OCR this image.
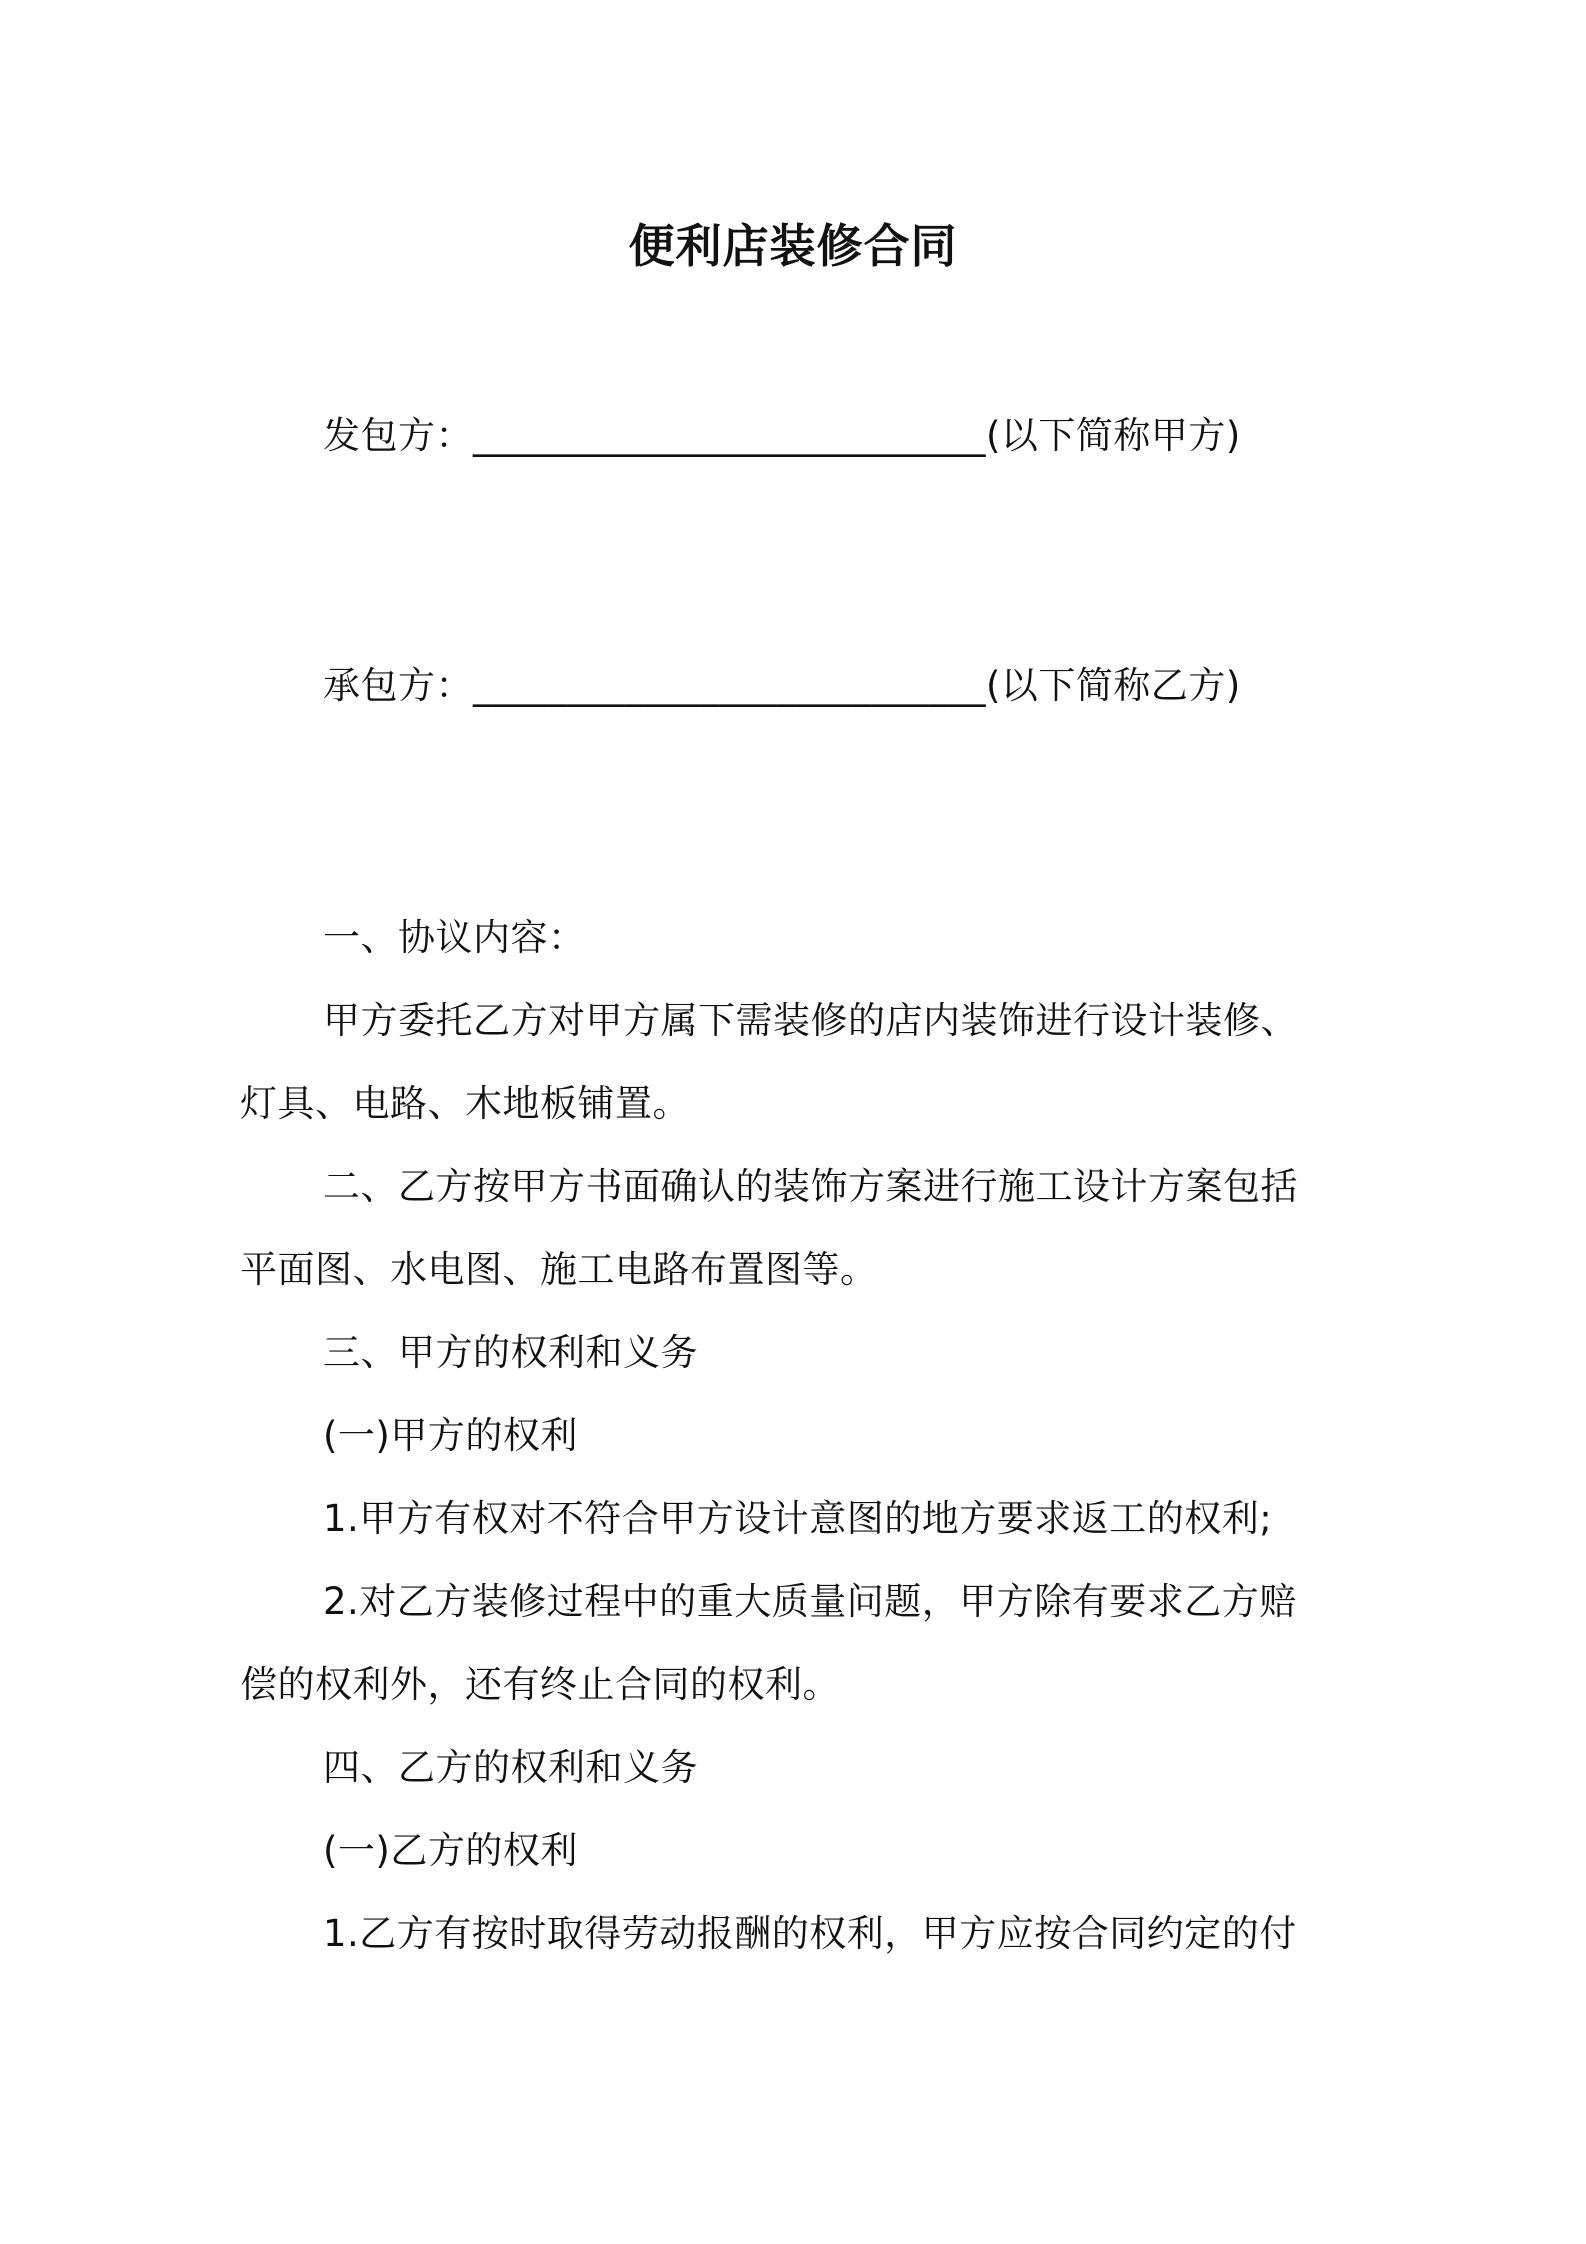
便利店装修合同
发包方：___________________________(以下简称甲方)
承包方：___________________________(以下简称乙方)
一、协议内容：
甲方委托乙方对甲方属下需装修的店内装饰进行设计装修、
灯具、电路、木地板铺置。
二、乙方按甲方书面确认的装饰方案进行施工设计方案包括
平面图、水电图、施工电路布置图等。
三、甲方的权利和义务
(一)甲方的权利
1.甲方有权对不符合甲方设计意图的地方要求返工的权利;
2.对乙方装修过程中的重大质量问题，甲方除有要求乙方赔
偿的权利外，还有终止合同的权利。
四、乙方的权利和义务
(一)乙方的权利
1.乙方有按时取得劳动报酬的权利，甲方应按合同约定的付
